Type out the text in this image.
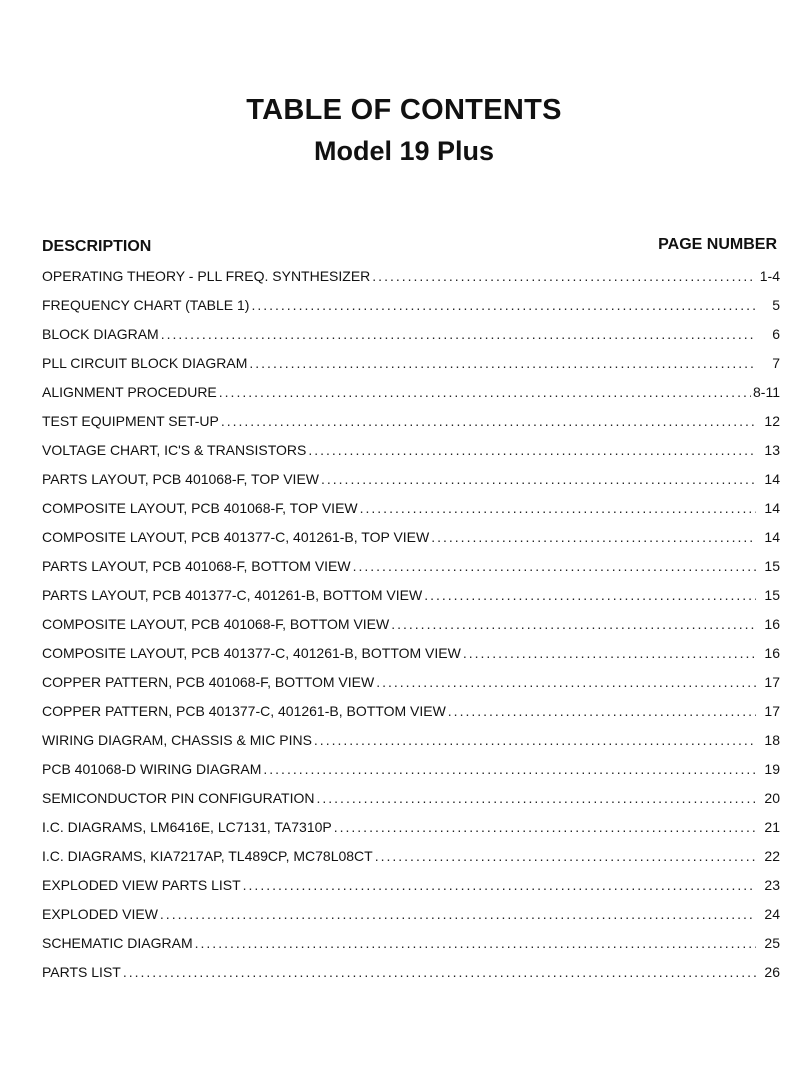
TABLE OF CONTENTS
Model 19 Plus
DESCRIPTION	PAGE NUMBER
OPERATING THEORY - PLL FREQ. SYNTHESIZER .....	1-4
FREQUENCY CHART (TABLE 1) .....	5
BLOCK DIAGRAM .....	6
PLL CIRCUIT BLOCK DIAGRAM .....	7
ALIGNMENT PROCEDURE .....	8-11
TEST EQUIPMENT SET-UP .....	12
VOLTAGE CHART, IC'S & TRANSISTORS .....	13
PARTS LAYOUT, PCB 401068-F, TOP VIEW .....	14
COMPOSITE LAYOUT, PCB 401068-F, TOP VIEW .....	14
COMPOSITE LAYOUT, PCB 401377-C, 401261-B, TOP VIEW .....	14
PARTS LAYOUT, PCB 401068-F, BOTTOM VIEW .....	15
PARTS LAYOUT, PCB 401377-C, 401261-B, BOTTOM VIEW .....	15
COMPOSITE LAYOUT, PCB 401068-F, BOTTOM VIEW .....	16
COMPOSITE LAYOUT, PCB 401377-C, 401261-B, BOTTOM VIEW .....	16
COPPER PATTERN, PCB 401068-F, BOTTOM VIEW .....	17
COPPER PATTERN, PCB 401377-C, 401261-B, BOTTOM VIEW .....	17
WIRING DIAGRAM, CHASSIS & MIC PINS .....	18
PCB 401068-D WIRING DIAGRAM .....	19
SEMICONDUCTOR PIN CONFIGURATION .....	20
I.C. DIAGRAMS, LM6416E, LC7131, TA7310P .....	21
I.C. DIAGRAMS, KIA7217AP, TL489CP, MC78L08CT .....	22
EXPLODED VIEW PARTS LIST .....	23
EXPLODED VIEW .....	24
SCHEMATIC DIAGRAM .....	25
PARTS LIST .....	26
